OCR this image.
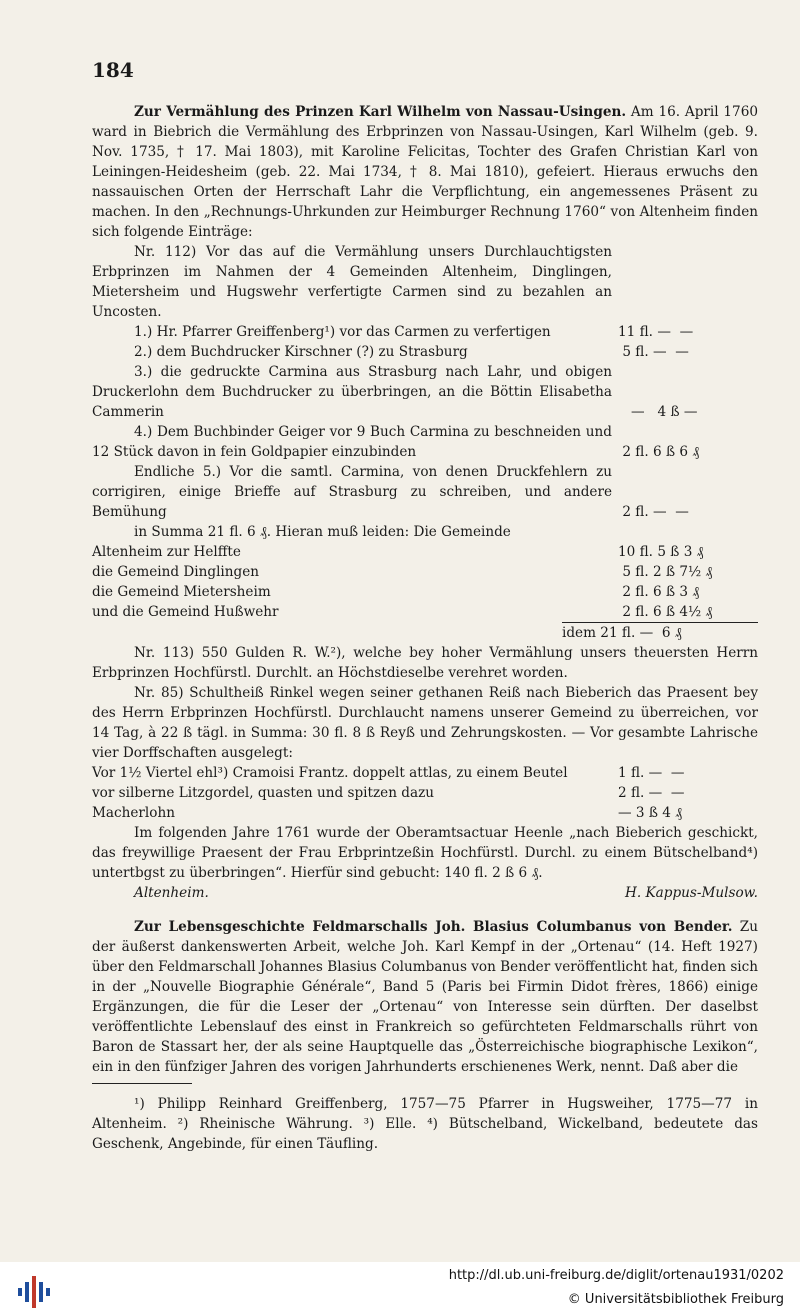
184

Zur Vermählung des Prinzen Karl Wilhelm von Nassau-Usingen. Am 16. April 1760 ward in Biebrich die Vermählung des Erbprinzen von Nassau-Usingen, Karl Wilhelm (geb. 9. Nov. 1735, † 17. Mai 1803), mit Karoline Felicitas, Tochter des Grafen Christian Karl von Leiningen-Heidesheim (geb. 22. Mai 1734, † 8. Mai 1810), gefeiert. Hieraus erwuchs den nassauischen Orten der Herrschaft Lahr die Verpflichtung, ein angemessenes Präsent zu machen. In den „Rechnungs-Uhrkunden zur Heimburger Rechnung 1760“ von Altenheim finden sich folgende Einträge:

Nr. 112) Vor das auf die Vermählung unsers Durchlauchtigsten Erbprinzen im Nahmen der 4 Gemeinden Altenheim, Dinglingen, Mietersheim und Hugswehr verfertigte Carmen sind zu bezahlen an Uncosten.

1.) Hr. Pfarrer Greiffenberg¹) vor das Carmen zu verfertigen	11 fl. —  —
2.) dem Buchdrucker Kirschner (?) zu Strasburg	5 fl. —  —
3.) die gedruckte Carmina aus Strasburg nach Lahr, und obigen Druckerlohn dem Buchdrucker zu überbringen, an die Böttin Elisabetha Cammerin	—   4 ß —
4.) Dem Buchbinder Geiger vor 9 Buch Carmina zu beschneiden und 12 Stück davon in fein Goldpapier einzubinden	2 fl. 6 ß 6 ₰
Endliche 5.) Vor die samtl. Carmina, von denen Druckfehlern zu corrigiren, einige Brieffe auf Strasburg zu schreiben, und andere Bemühung	2 fl. —  —

in Summa 21 fl. 6 ₰. Hieran muß leiden: Die Gemeinde

Altenheim zur Helffte	10 fl. 5 ß 3 ₰
die Gemeind Dinglingen	5 fl. 2 ß 7½ ₰
die Gemeind Mietersheim	2 fl. 6 ß 3 ₰
und die Gemeind Hußwehr	2 fl. 6 ß 4½ ₰
idem 21 fl. —  6 ₰

Nr. 113) 550 Gulden R. W.²), welche bey hoher Vermählung unsers theuersten Herrn Erbprinzen Hochfürstl. Durchlt. an Höchstdieselbe verehret worden.

Nr. 85) Schultheiß Rinkel wegen seiner gethanen Reiß nach Bieberich das Praesent bey des Herrn Erbprinzen Hochfürstl. Durchlaucht namens unserer Gemeind zu überreichen, vor 14 Tag, à 22 ß tägl. in Summa: 30 fl. 8 ß Reyß und Zehrungskosten. — Vor gesambte Lahrische vier Dorffschaften ausgelegt:

Vor 1½ Viertel ehl³) Cramoisi Frantz. doppelt attlas, zu einem Beutel	1 fl. —  —
vor silberne Litzgordel, quasten und spitzen dazu	2 fl. —  —
Macherlohn	— 3 ß 4 ₰

Im folgenden Jahre 1761 wurde der Oberamtsactuar Heenle „nach Bieberich geschickt, das freywillige Praesent der Frau Erbprintzeßin Hochfürstl. Durchl. zu einem Bütschelband⁴) untertbgst zu überbringen“. Hierfür sind gebucht: 140 fl. 2 ß 6 ₰.

Altenheim.	H. Kappus-Mulsow.

Zur Lebensgeschichte Feldmarschalls Joh. Blasius Columbanus von Bender. Zu der äußerst dankenswerten Arbeit, welche Joh. Karl Kempf in der „Ortenau“ (14. Heft 1927) über den Feldmarschall Johannes Blasius Columbanus von Bender veröffentlicht hat, finden sich in der „Nouvelle Biographie Générale“, Band 5 (Paris bei Firmin Didot frères, 1866) einige Ergänzungen, die für die Leser der „Ortenau“ von Interesse sein dürften. Der daselbst veröffentlichte Lebenslauf des einst in Frankreich so gefürchteten Feldmarschalls rührt von Baron de Stassart her, der als seine Hauptquelle das „Österreichische biographische Lexikon“, ein in den fünfziger Jahren des vorigen Jahrhunderts erschienenes Werk, nennt. Daß aber die

¹) Philipp Reinhard Greiffenberg, 1757—75 Pfarrer in Hugsweiher, 1775—77 in Altenheim. ²) Rheinische Währung. ³) Elle. ⁴) Bütschelband, Wickelband, bedeutete das Geschenk, Angebinde, für einen Täufling.

http://dl.ub.uni-freiburg.de/diglit/ortenau1931/0202
© Universitätsbibliothek Freiburg
